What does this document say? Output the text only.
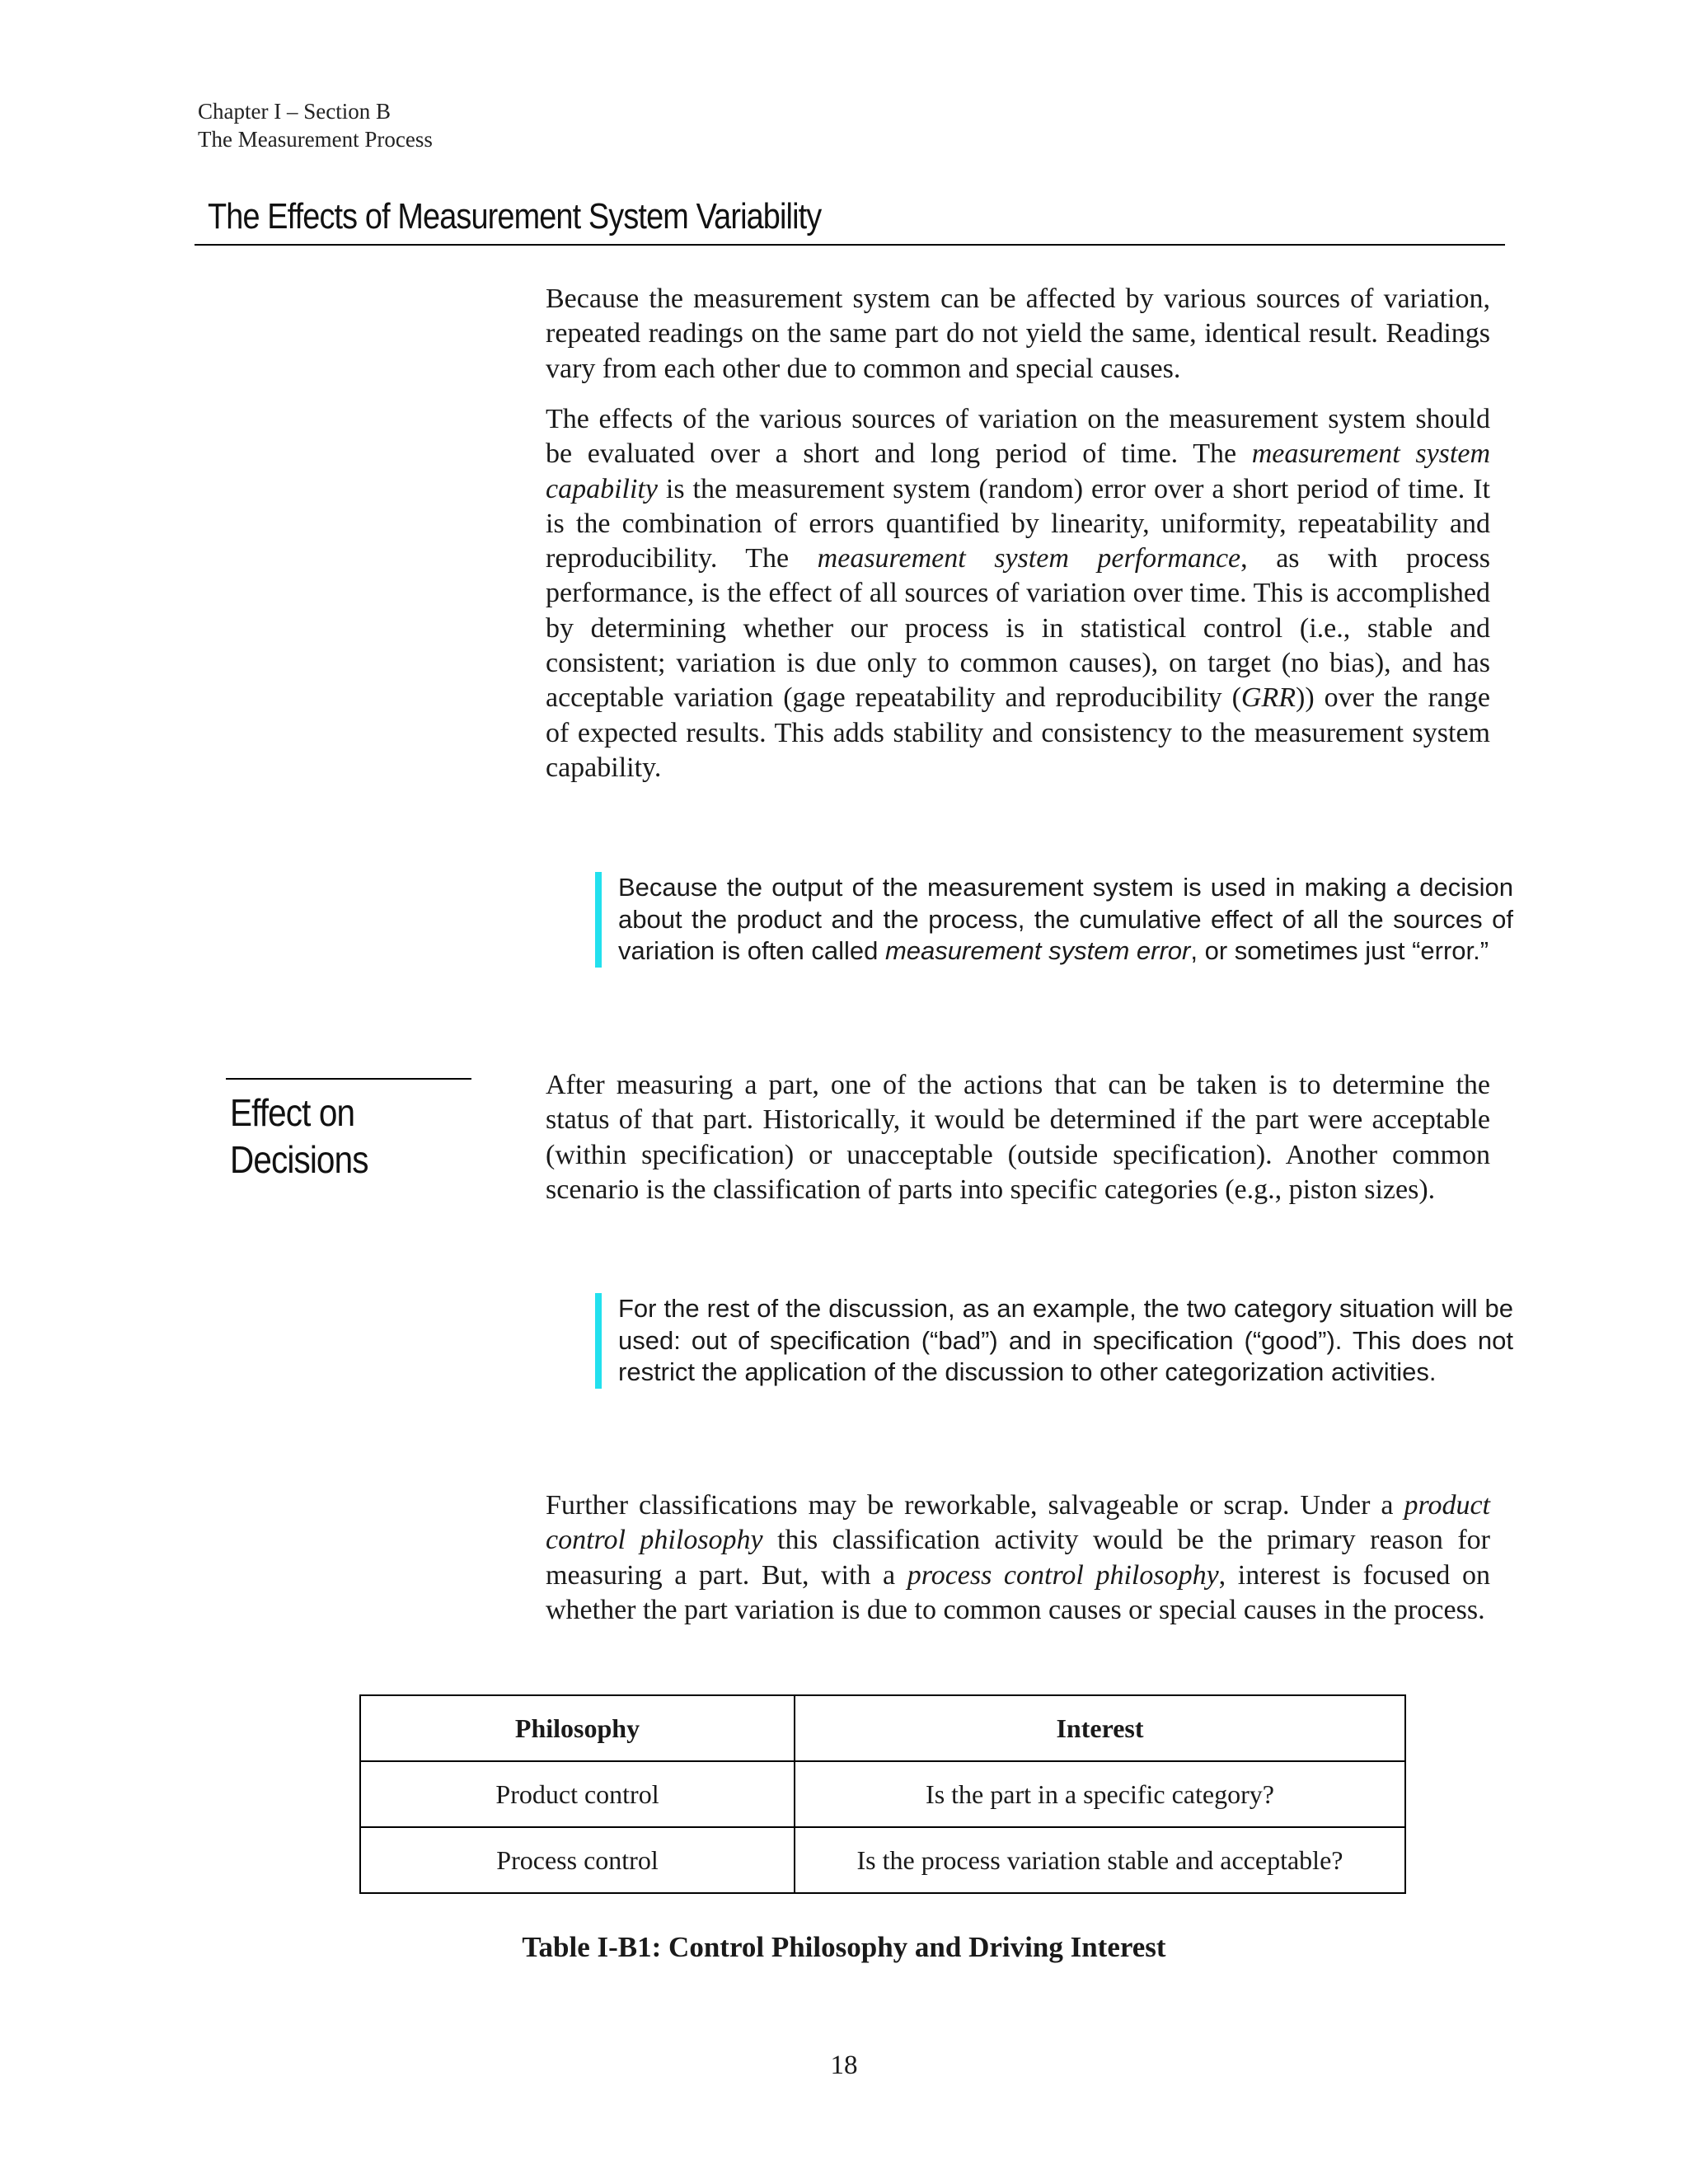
Chapter I – Section B
The Measurement Process
The Effects of Measurement System Variability

Because the measurement system can be affected by various sources of variation, repeated readings on the same part do not yield the same, identical result. Readings vary from each other due to common and special causes.

The effects of the various sources of variation on the measurement system should be evaluated over a short and long period of time. The measurement system capability is the measurement system (random) error over a short period of time. It is the combination of errors quantified by linearity, uniformity, repeatability and reproducibility. The measurement system performance, as with process performance, is the effect of all sources of variation over time. This is accomplished by determining whether our process is in statistical control (i.e., stable and consistent; variation is due only to common causes), on target (no bias), and has acceptable variation (gage repeatability and reproducibility (GRR)) over the range of expected results. This adds stability and consistency to the measurement system capability.

Because the output of the measurement system is used in making a decision about the product and the process, the cumulative effect of all the sources of variation is often called measurement system error, or sometimes just “error.”
Effect on
Decisions

After measuring a part, one of the actions that can be taken is to determine the status of that part. Historically, it would be determined if the part were acceptable (within specification) or unacceptable (outside specification). Another common scenario is the classification of parts into specific categories (e.g., piston sizes).

For the rest of the discussion, as an example, the two category situation will be used: out of specification (“bad”) and in specification (“good”). This does not restrict the application of the discussion to other categorization activities.

Further classifications may be reworkable, salvageable or scrap. Under a product control philosophy this classification activity would be the primary reason for measuring a part. But, with a process control philosophy, interest is focused on whether the part variation is due to common causes or special causes in the process.

Philosophy	Interest
Product control	Is the part in a specific category?
Process control	Is the process variation stable and acceptable?
Table I-B1: Control Philosophy and Driving Interest
18
